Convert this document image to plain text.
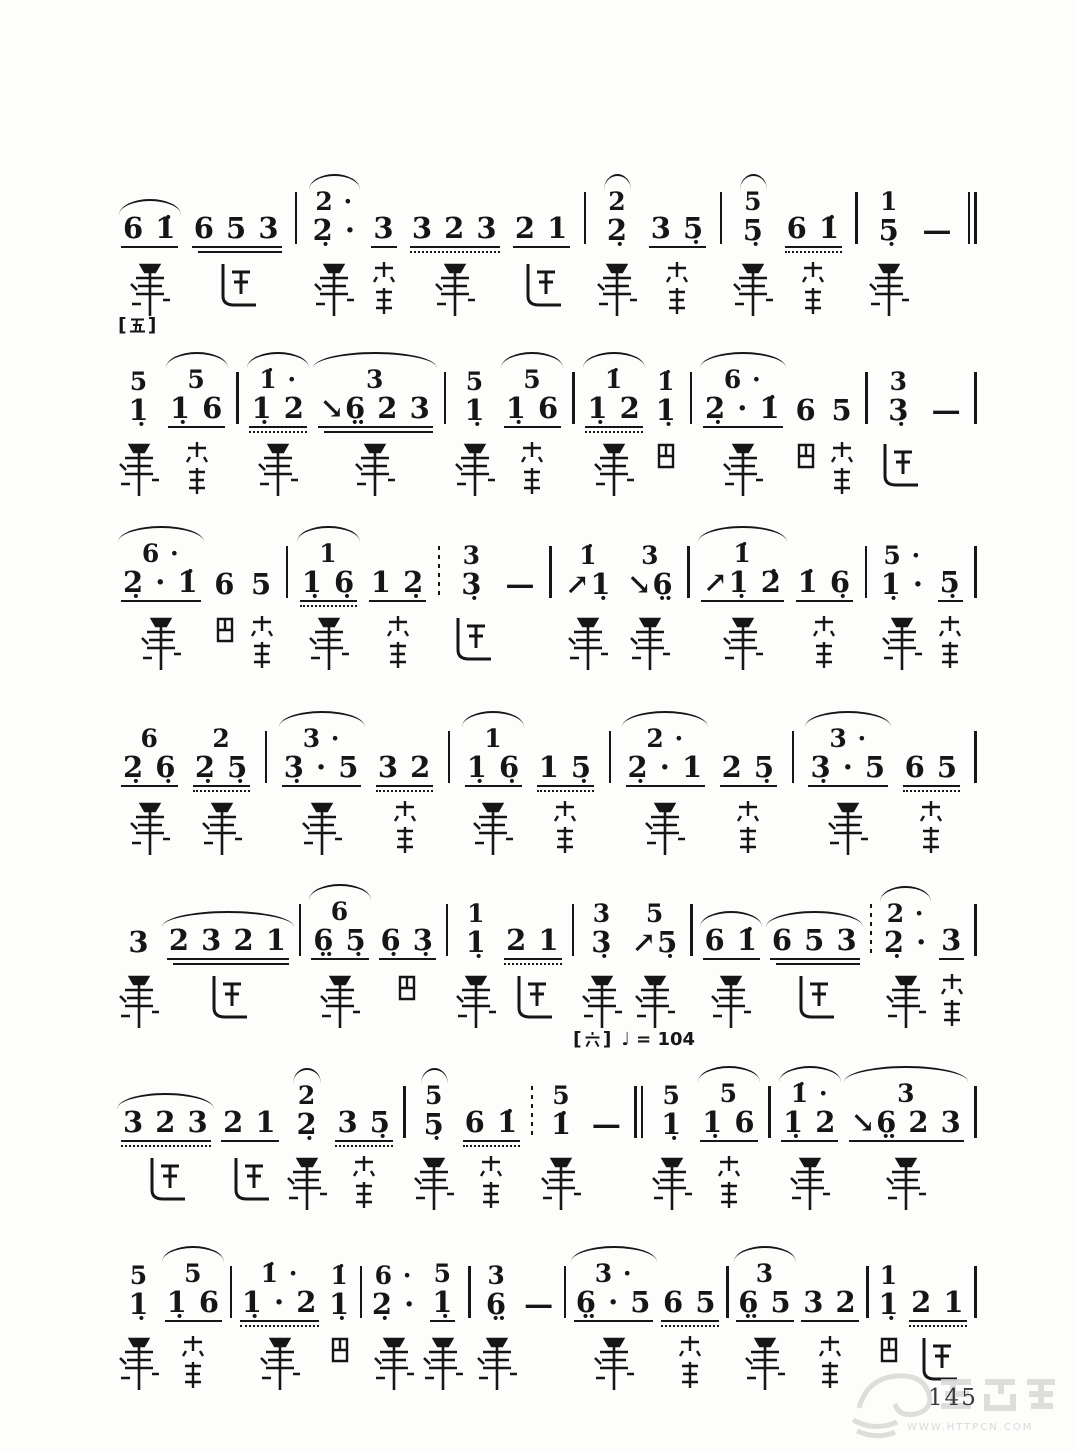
6 1̇ 6 5 3
2 ·
2̣ · 3 3 2 3 2 1
2
2̣ 3 5̣
5
5̣ 6 1̇
1
5̣ —
[ ]
5
1̣
5
1̣ 6
1̇ ·
1̣ 2
3
↘6̤ 2 3
5
1̣
5
1̣ 6
1̇
1̣ 2
1̇
1̣
6 ·
2̣ · 1̇ 6 5
3
3̣ —
6 ·
2̣ · 1̇ 6 5
1
1̣ 6̣ 1 2̣
3
3̣ —
1̇
↗1̣
3
↘6̤
1̇
↗1̣ 2̇ 1̇ 6̣
5 ·
1̣ · 5̣
6
2̣ 6̣
2
2̣ 5̣
3 ·
3̣ · 5 3 2
1
1̣ 6̣ 1 5̣
2 ·
2̣ · 1 2 5̣
3 ·
3̣ · 5 6 5
3 2 3 2 1
6
6̤ 5̣ 6̣ 3̣
1
1̣ 2 1
3
3̣
5
↗5̣ 6 1̇ 6 5 3
2 ·
2̣ · 3
[ ] ♩ = 104
3 2 3 2 1
2
2̣ 3 5̣
5
5̣ 6 1̇
5
1̇ —
5
1̣
5
1̣ 6
1̇ ·
1̣ 2
3
↘6̤ 2 3
5
1̣
5
1̣ 6
1̇ ·
1̣ · 2
1̇
1̣
6 ·
2̣ ·
5
1̣
3
6̤ —
3 ·
6̤ · 5 6 5
3
6̤ 5 3 2
1
1̣ 2 1
WWW.HTTPCN.COM
145
